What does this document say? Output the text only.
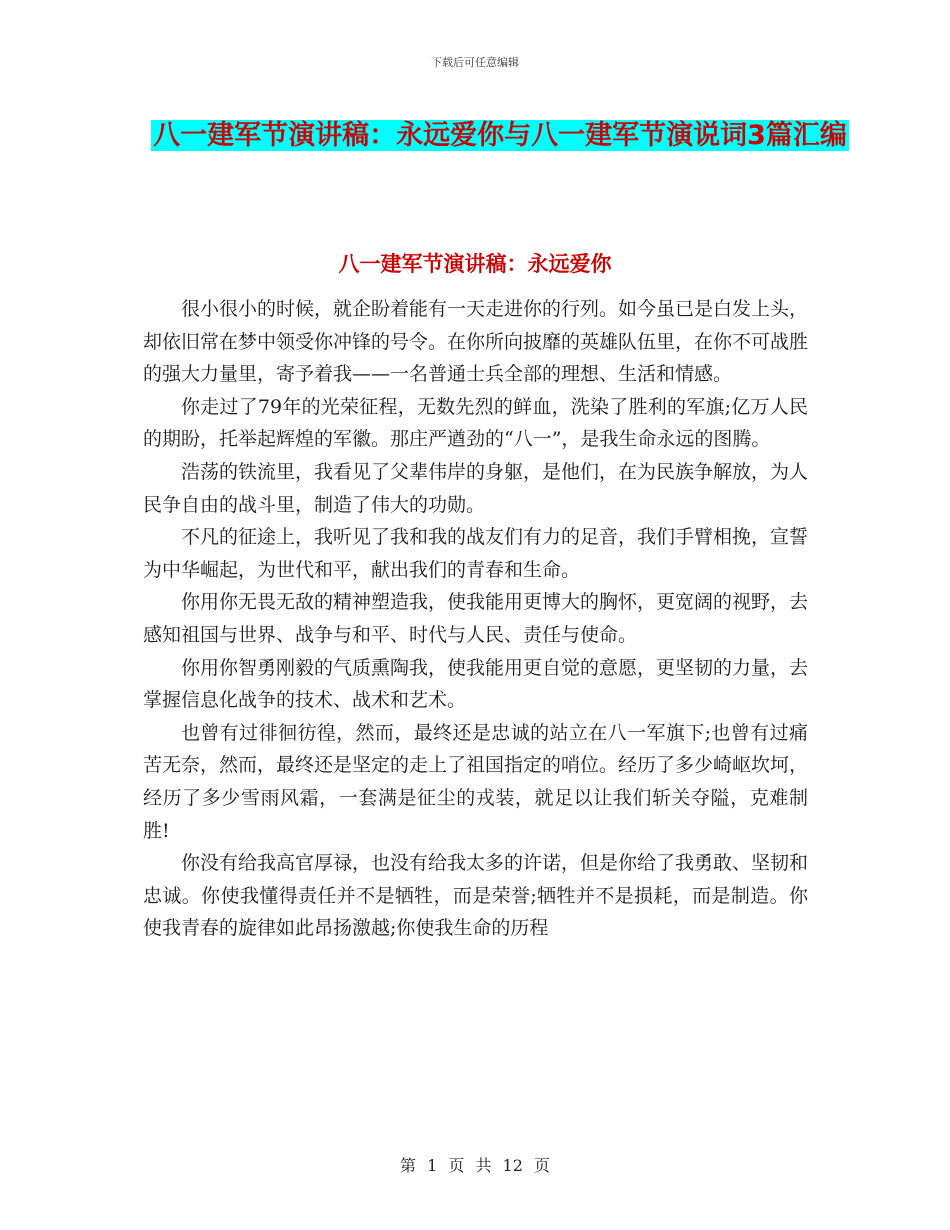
下载后可任意编辑
八一建军节演讲稿：永远爱你与八一建军节演说词3篇汇编
八一建军节演讲稿：永远爱你

很小很小的时候，就企盼着能有一天走进你的行列。如今虽已是白发上头，却依旧常在梦中领受你冲锋的号令。在你所向披靡的英雄队伍里，在你不可战胜的强大力量里，寄予着我——一名普通士兵全部的理想、生活和情感。

你走过了79年的光荣征程，无数先烈的鲜血，洗染了胜利的军旗;亿万人民的期盼，托举起辉煌的军徽。那庄严遒劲的“八一”，是我生命永远的图腾。

浩荡的铁流里，我看见了父辈伟岸的身躯，是他们，在为民族争解放，为人民争自由的战斗里，制造了伟大的功勋。

不凡的征途上，我听见了我和我的战友们有力的足音，我们手臂相挽，宣誓为中华崛起，为世代和平，献出我们的青春和生命。

你用你无畏无敌的精神塑造我，使我能用更博大的胸怀，更宽阔的视野，去感知祖国与世界、战争与和平、时代与人民、责任与使命。

你用你智勇刚毅的气质熏陶我，使我能用更自觉的意愿，更坚韧的力量，去掌握信息化战争的技术、战术和艺术。

也曾有过徘徊彷徨，然而，最终还是忠诚的站立在八一军旗下;也曾有过痛苦无奈，然而，最终还是坚定的走上了祖国指定的哨位。经历了多少崎岖坎坷，经历了多少雪雨风霜，一套满是征尘的戎装，就足以让我们斩关夺隘，克难制胜!

你没有给我高官厚禄，也没有给我太多的许诺，但是你给了我勇敢、坚韧和忠诚。你使我懂得责任并不是牺牲，而是荣誉;牺牲并不是损耗，而是制造。你使我青春的旋律如此昂扬激越;你使我生命的历程

第 1 页 共 12 页
